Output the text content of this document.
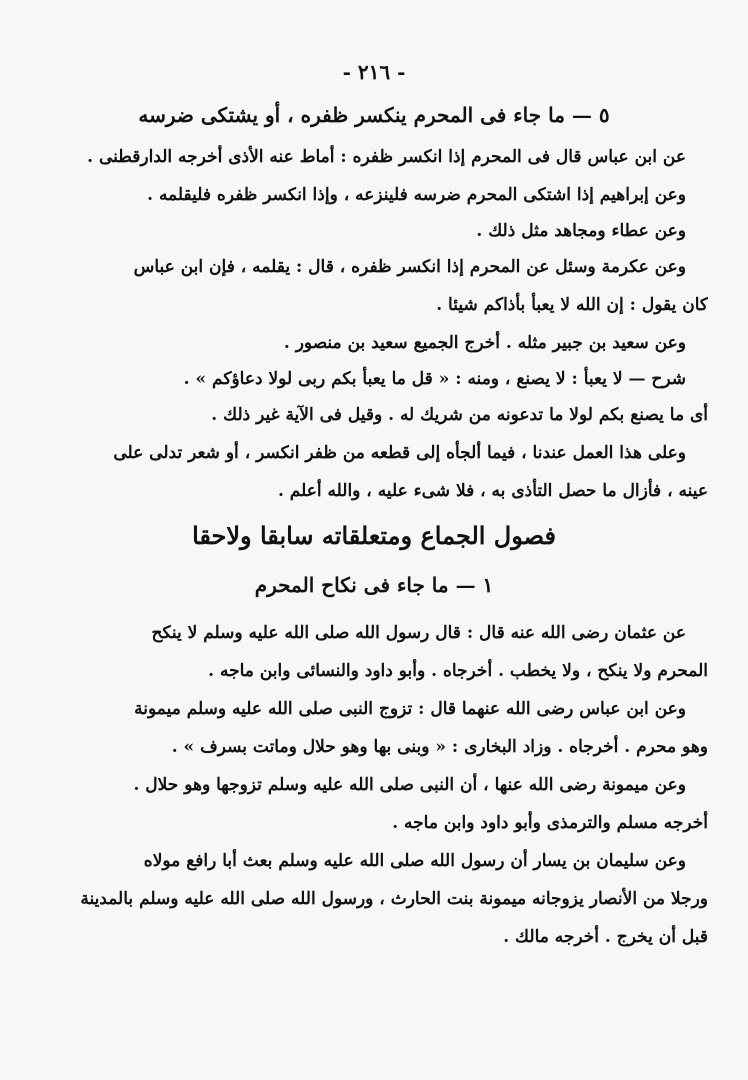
- ٢١٦ -
٥ — ما جاء فى المحرم ينكسر ظفره ، أو يشتكى ضرسه
عن ابن عباس قال فى المحرم إذا انكسر ظفره : أماط عنه الأذى أخرجه الدارقطنى .
وعن إبراهيم إذا اشتكى المحرم ضرسه فلينزعه ، وإذا انكسر ظفره فليقلمه .
وعن عطاء ومجاهد مثل ذلك .
وعن عكرمة وسئل عن المحرم إذا انكسر ظفره ، قال : يقلمه ، فإن ابن عباس
كان يقول : إن الله لا يعبأ بأذاكم شيئا .
وعن سعيد بن جبير مثله . أخرج الجميع سعيد بن منصور .
شرح — لا يعبأ : لا يصنع ، ومنه : « قل ما يعبأ بكم ربى لولا دعاؤكم » .
أى ما يصنع بكم لولا ما تدعونه من شريك له . وقيل فى الآية غير ذلك .
وعلى هذا العمل عندنا ، فيما ألجأه إلى قطعه من ظفر انكسر ، أو شعر تدلى على
عينه ، فأزال ما حصل التأذى به ، فلا شىء عليه ، والله أعلم .
فصول الجماع ومتعلقاته سابقا ولاحقا
١ — ما جاء فى نكاح المحرم
عن عثمان رضى الله عنه قال : قال رسول الله صلى الله عليه وسلم لا ينكح
المحرم ولا ينكح ، ولا يخطب . أخرجاه . وأبو داود والنسائى وابن ماجه .
وعن ابن عباس رضى الله عنهما قال : تزوج النبى صلى الله عليه وسلم ميمونة
وهو محرم . أخرجاه . وزاد البخارى : « وبنى بها وهو حلال وماتت بسرف » .
وعن ميمونة رضى الله عنها ، أن النبى صلى الله عليه وسلم تزوجها وهو حلال .
أخرجه مسلم والترمذى وأبو داود وابن ماجه .
وعن سليمان بن يسار أن رسول الله صلى الله عليه وسلم بعث أبا رافع مولاه
ورجلا من الأنصار يزوجانه ميمونة بنت الحارث ، ورسول الله صلى الله عليه وسلم بالمدينة
قبل أن يخرج . أخرجه مالك .
